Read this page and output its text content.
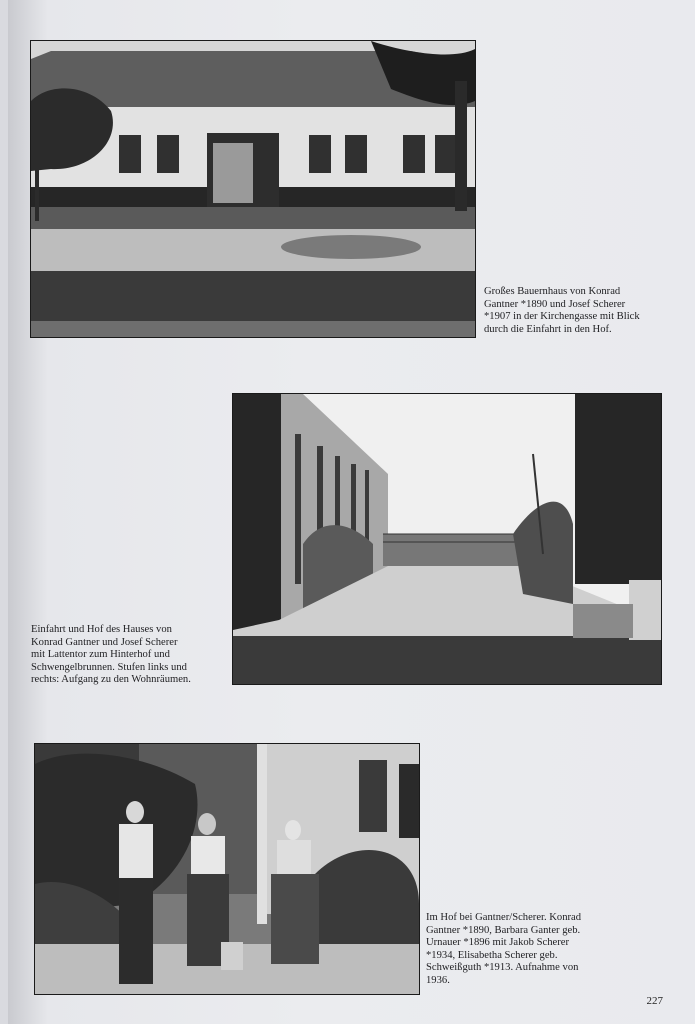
Großes Bauernhaus von Konrad
Gantner *1890 und Josef Scherer
*1907 in der Kirchengasse mit Blick
durch die Einfahrt in den Hof.
Einfahrt und Hof des Hauses von
Konrad Gantner und Josef Scherer
mit Lattentor zum Hinterhof und
Schwengelbrunnen. Stufen links und
rechts: Aufgang zu den Wohnräumen.
Im Hof bei Gantner/Scherer. Konrad
Gantner *1890, Barbara Ganter geb.
Urnauer *1896 mit Jakob Scherer
*1934, Elisabetha Scherer geb.
Schweißguth *1913. Aufnahme von
1936.
227
